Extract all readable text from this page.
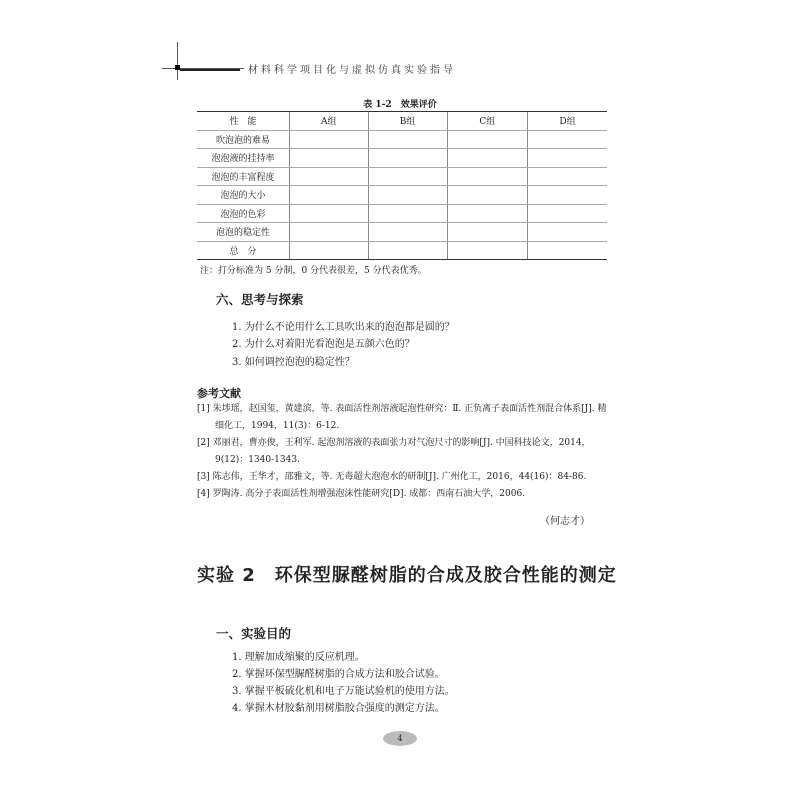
材料科学项目化与虚拟仿真实验指导
表 1-2　效果评价
性　能	A组	B组	C组	D组
吹泡泡的难易				
泡泡液的挂持率				
泡泡的丰富程度				
泡泡的大小				
泡泡的色彩				
泡泡的稳定性				
总　分				
注：打分标准为 5 分制，0 分代表很差，5 分代表优秀。
六、思考与探索
1. 为什么不论用什么工具吹出来的泡泡都是圆的？
2. 为什么对着阳光看泡泡是五颜六色的？
3. 如何调控泡泡的稳定性？
参考文献
[1] 朱埗瑶，赵国玺，黄建滨，等. 表面活性剂溶液起泡性研究：Ⅱ. 正负离子表面活性剂混合体系[J]. 精细化工，1994，11(3)：6-12.
[2] 邓丽君，曹亦俊，王利军. 起泡剂溶液的表面张力对气泡尺寸的影响[J]. 中国科技论文，2014，9(12)：1340-1343.
[3] 陈志伟，王华才，邵雅文，等. 无毒超大泡泡水的研制[J]. 广州化工，2016，44(16)：84-86.
[4] 罗陶涛. 高分子表面活性剂增强泡沫性能研究[D]. 成都：西南石油大学，2006.
（何志才）
实验 2　环保型脲醛树脂的合成及胶合性能的测定
一、实验目的
1. 理解加成缩聚的反应机理。
2. 掌握环保型脲醛树脂的合成方法和胶合试验。
3. 掌握平板硫化机和电子万能试验机的使用方法。
4. 掌握木材胶黏剂用树脂胶合强度的测定方法。
4
